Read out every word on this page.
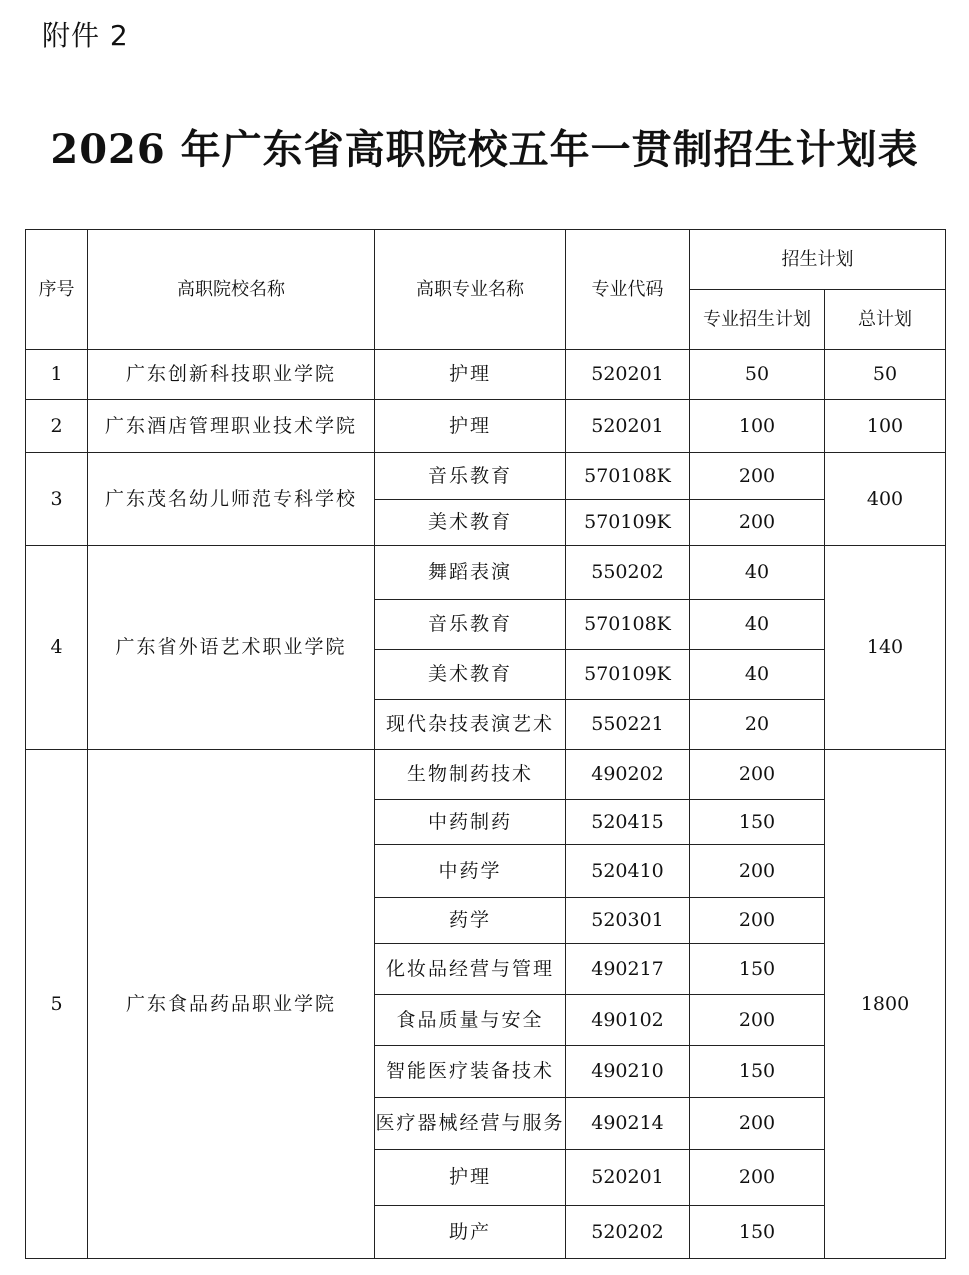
附件 2
2026 年广东省高职院校五年一贯制招生计划表
序号	高职院校名称	高职专业名称	专业代码	招生计划	
				专业招生计划	总计划
1	广东创新科技职业学院	护理	520201	50	50
2	广东酒店管理职业技术学院	护理	520201	100	100
3	广东茂名幼儿师范专科学校	音乐教育	570108K	200	400
		美术教育	570109K	200	
4	广东省外语艺术职业学院	舞蹈表演	550202	40	140
		音乐教育	570108K	40	
		美术教育	570109K	40	
		现代杂技表演艺术	550221	20	
5	广东食品药品职业学院	生物制药技术	490202	200	1800
		中药制药	520415	150	
		中药学	520410	200	
		药学	520301	200	
		化妆品经营与管理	490217	150	
		食品质量与安全	490102	200	
		智能医疗装备技术	490210	150	
		医疗器械经营与服务	490214	200	
		护理	520201	200	
		助产	520202	150	
